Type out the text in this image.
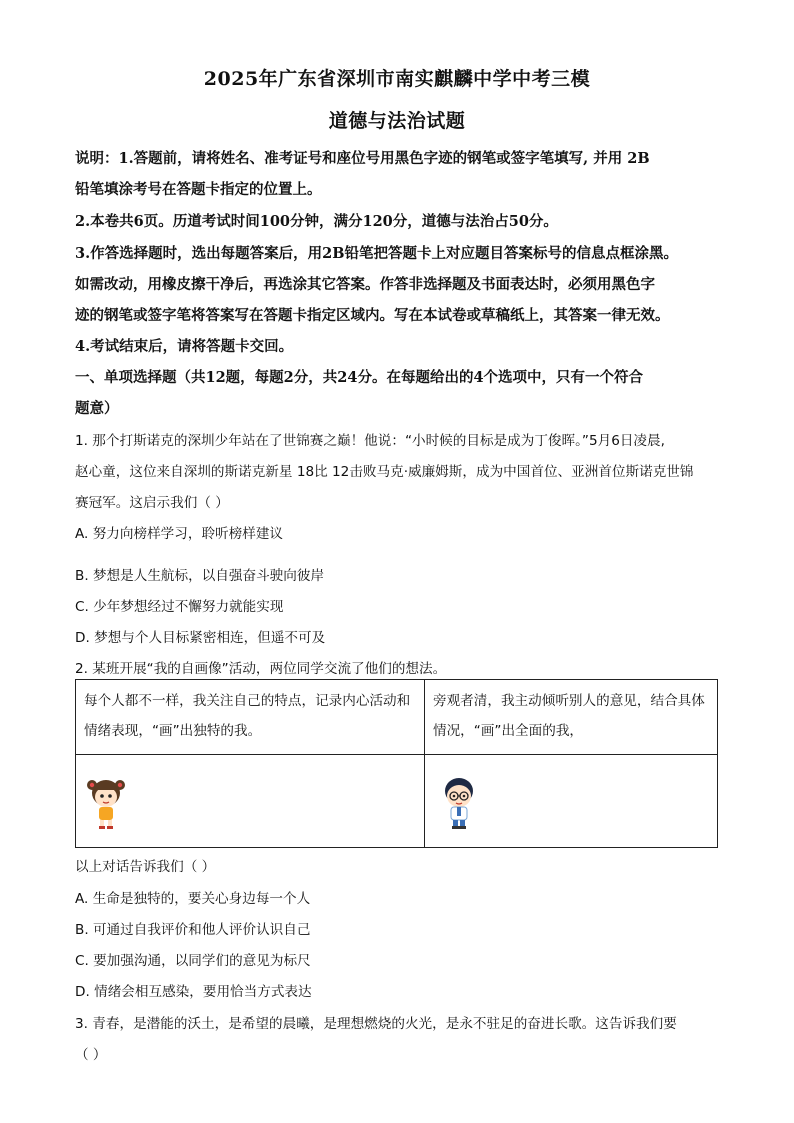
2025年广东省深圳市南实麒麟中学中考三模
道德与法治试题
说明：1.答题前，请将姓名、准考证号和座位号用黑色字迹的钢笔或签字笔填写, 并用 2B
铅笔填涂考号在答题卡指定的位置上。
2.本卷共6页。历道考试时间100分钟，满分120分，道德与法治占50分。
3.作答选择题时，选出每题答案后，用2B铅笔把答题卡上对应题目答案标号的信息点框涂黑。
如需改动，用橡皮擦干净后，再选涂其它答案。作答非选择题及书面表达时，必须用黑色字
迹的钢笔或签字笔将答案写在答题卡指定区域内。写在本试卷或草稿纸上，其答案一律无效。
4.考试结束后，请将答题卡交回。
一、单项选择题（共12题，每题2分，共24分。在每题给出的4个选项中，只有一个符合
题意）
1. 那个打斯诺克的深圳少年站在了世锦赛之巅！他说：“小时候的目标是成为丁俊晖。”5月6日凌晨,
赵心童，这位来自深圳的斯诺克新星 18比 12击败马克·威廉姆斯，成为中国首位、亚洲首位斯诺克世锦
赛冠军。这启示我们（ ）
A. 努力向榜样学习，聆听榜样建议
B. 梦想是人生航标，以自强奋斗驶向彼岸
C. 少年梦想经过不懈努力就能实现
D. 梦想与个人目标紧密相连，但遥不可及
2. 某班开展“我的自画像”活动，两位同学交流了他们的想法。
每个人都不一样，我关注自己的特点，记录内心活动和情绪表现，“画”出独特的我。	旁观者清，我主动倾听别人的意见，结合具体情况，“画”出全面的我，

以上对话告诉我们（ ）
A. 生命是独特的，要关心身边每一个人
B. 可通过自我评价和他人评价认识自己
C. 要加强沟通，以同学们的意见为标尺
D. 情绪会相互感染，要用恰当方式表达
3. 青春，是潜能的沃土，是希望的晨曦，是理想燃烧的火光，是永不驻足的奋进长歌。这告诉我们要
（ ）
